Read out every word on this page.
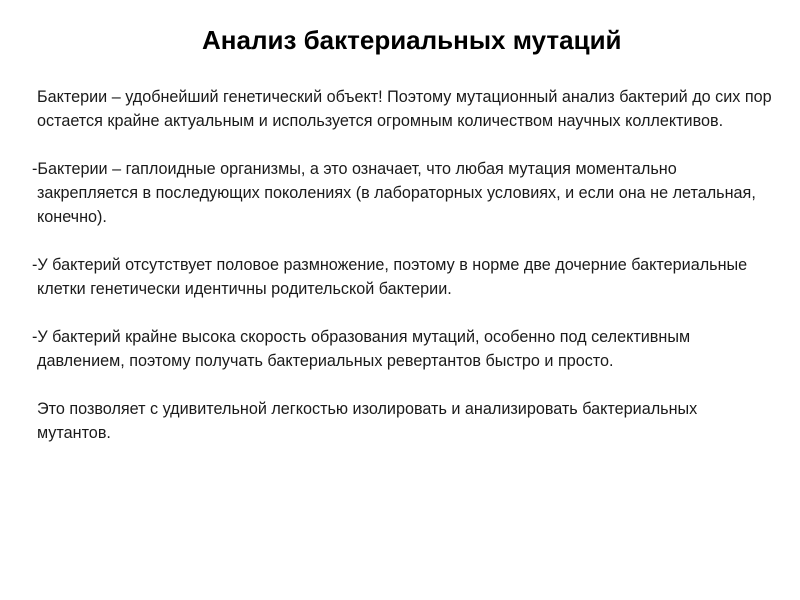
Анализ бактериальных мутаций

Бактерии – удобнейший генетический объект! Поэтому мутационный анализ бактерий до сих пор остается крайне актуальным и используется огромным количеством научных коллективов.

-Бактерии – гаплоидные организмы, а это означает, что любая мутация моментально закрепляется в последующих поколениях (в лабораторных условиях, и если она не летальная, конечно).

-У бактерий отсутствует половое размножение, поэтому в норме две дочерние бактериальные клетки генетически идентичны родительской бактерии.

-У бактерий крайне высока скорость образования мутаций, особенно под селективным давлением, поэтому получать бактериальных ревертантов быстро и просто.

Это позволяет с удивительной легкостью изолировать и анализировать бактериальных мутантов.
